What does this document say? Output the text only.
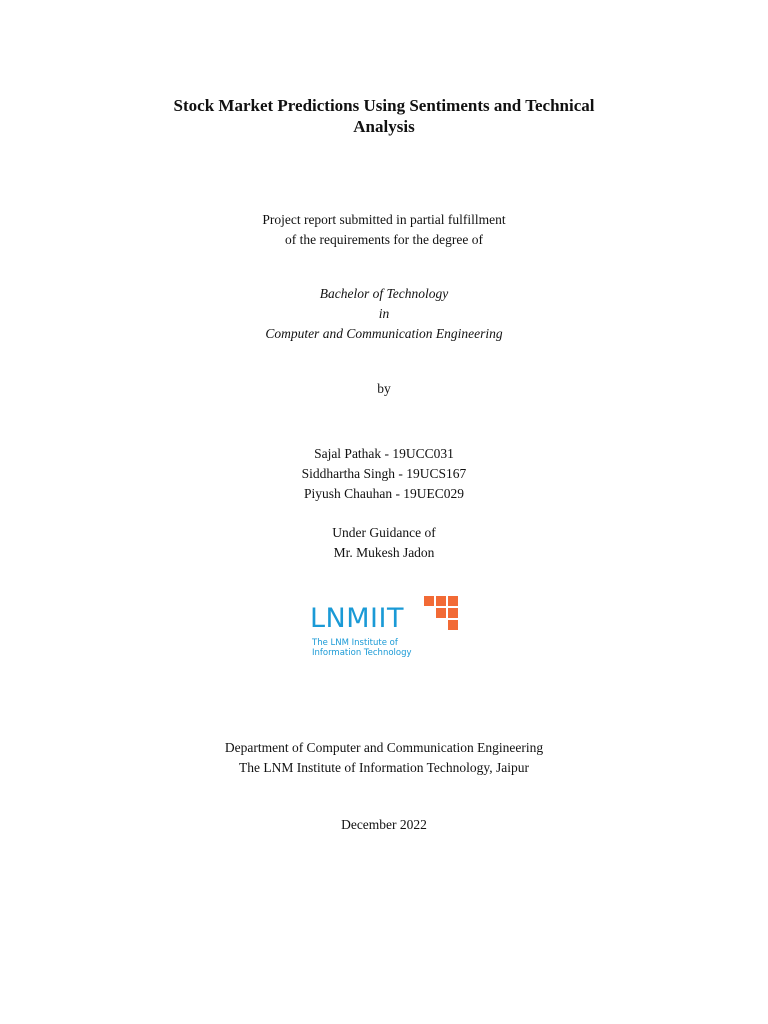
Stock Market Predictions Using Sentiments and Technical
Analysis
Project report submitted in partial fulfillment
of the requirements for the degree of
Bachelor of Technology
in
Computer and Communication Engineering
by
Sajal Pathak - 19UCC031
Siddhartha Singh - 19UCS167
Piyush Chauhan - 19UEC029
Under Guidance of
Mr. Mukesh Jadon
LNMIIT
The LNM Institute of
Information Technology
Department of Computer and Communication Engineering
The LNM Institute of Information Technology, Jaipur
December 2022
